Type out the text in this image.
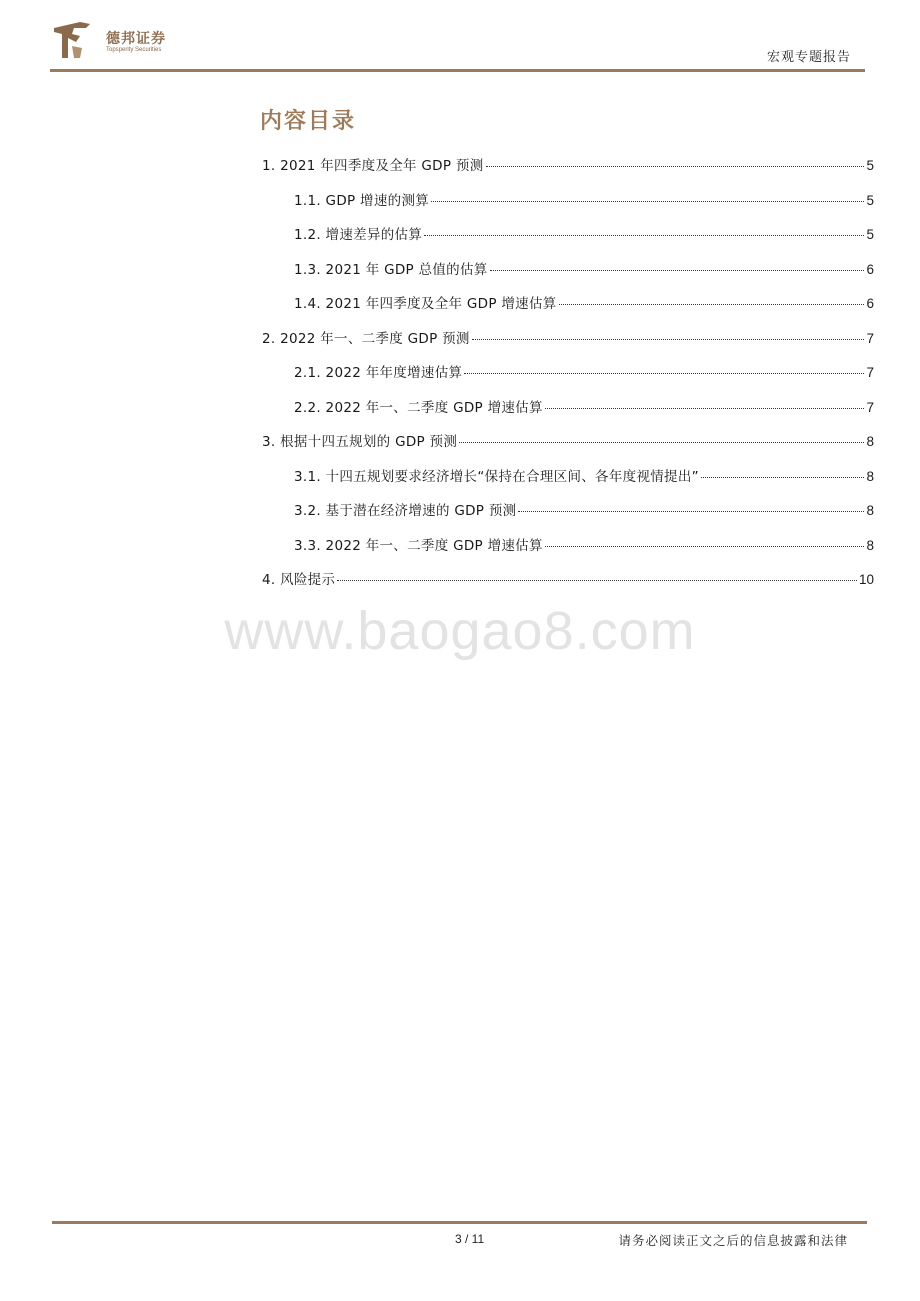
德邦证券
Topsperity Securities	宏观专题报告
内容目录
1. 2021 年四季度及全年 GDP 预测	5
1.1. GDP 增速的测算	5
1.2. 增速差异的估算	5
1.3. 2021 年 GDP 总值的估算	6
1.4. 2021 年四季度及全年 GDP 增速估算	6
2. 2022 年一、二季度 GDP 预测	7
2.1. 2022 年年度增速估算	7
2.2. 2022 年一、二季度 GDP 增速估算	7
3. 根据十四五规划的 GDP 预测	8
3.1. 十四五规划要求经济增长“保持在合理区间、各年度视情提出”	8
3.2. 基于潜在经济增速的 GDP 预测	8
3.3. 2022 年一、二季度 GDP 增速估算	8
4. 风险提示	10
www.baogao8.com
3 / 11	请务必阅读正文之后的信息披露和法律
